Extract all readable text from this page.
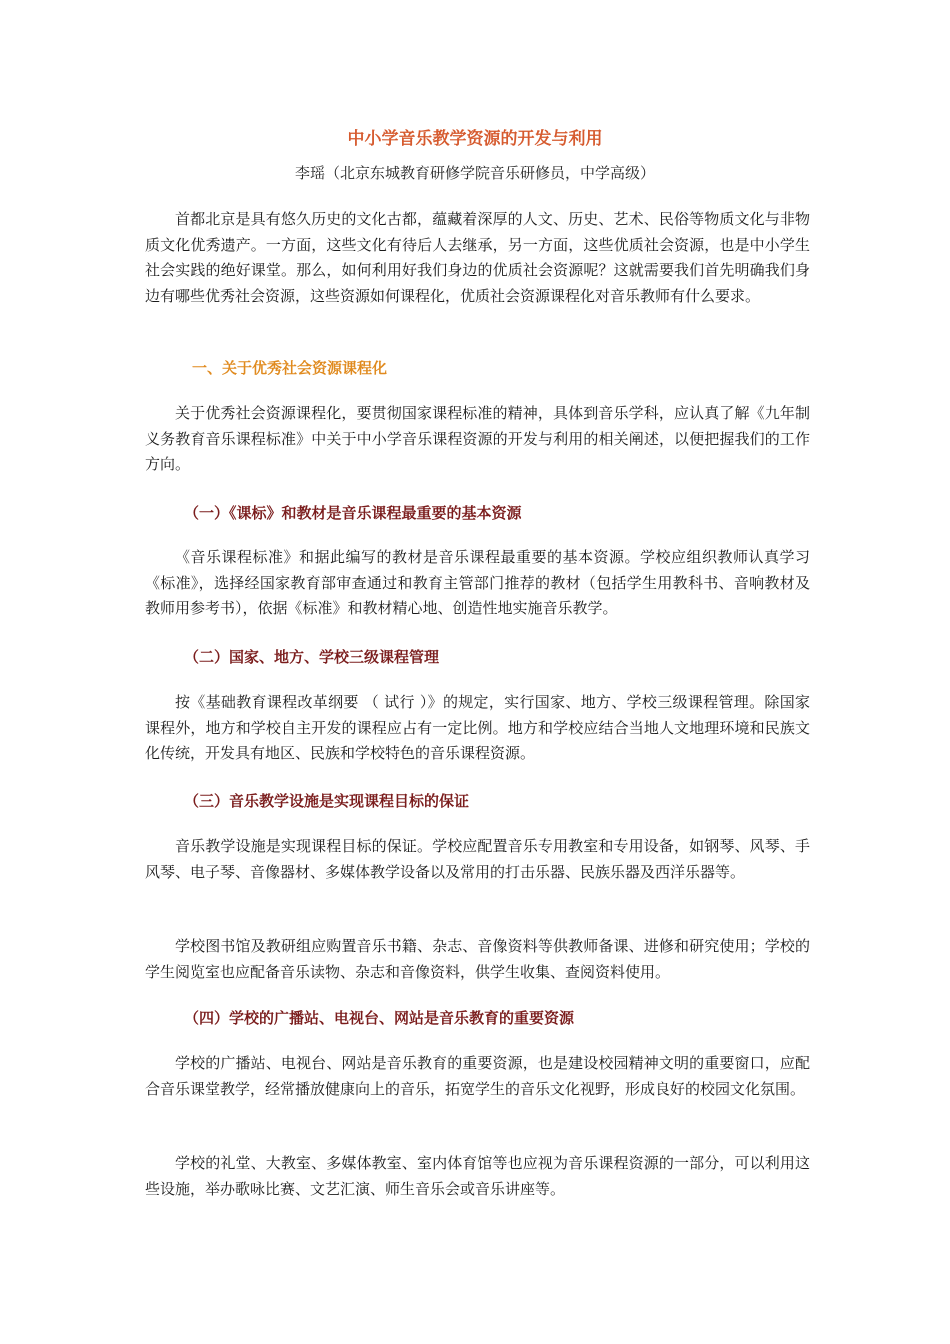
中小学音乐教学资源的开发与利用
李瑶（北京东城教育研修学院音乐研修员，中学高级）

首都北京是具有悠久历史的文化古都，蕴藏着深厚的人文、历史、艺术、民俗等物质文化与非物质文化优秀遗产。一方面，这些文化有待后人去继承，另一方面，这些优质社会资源，也是中小学生社会实践的绝好课堂。那么，如何利用好我们身边的优质社会资源呢？这就需要我们首先明确我们身边有哪些优秀社会资源，这些资源如何课程化，优质社会资源课程化对音乐教师有什么要求。

一、关于优秀社会资源课程化

关于优秀社会资源课程化，要贯彻国家课程标准的精神，具体到音乐学科，应认真了解《九年制义务教育音乐课程标准》中关于中小学音乐课程资源的开发与利用的相关阐述，以便把握我们的工作方向。

（一）《课标》和教材是音乐课程最重要的基本资源

《音乐课程标准》和据此编写的教材是音乐课程最重要的基本资源。学校应组织教师认真学习《标准》，选择经国家教育部审查通过和教育主管部门推荐的教材（包括学生用教科书、音响教材及教师用参考书），依据《标准》和教材精心地、创造性地实施音乐教学。

（二）国家、地方、学校三级课程管理

按《基础教育课程改革纲要 （ 试行 ）》的规定，实行国家、地方、学校三级课程管理。除国家课程外，地方和学校自主开发的课程应占有一定比例。地方和学校应结合当地人文地理环境和民族文化传统，开发具有地区、民族和学校特色的音乐课程资源。

（三）音乐教学设施是实现课程目标的保证

音乐教学设施是实现课程目标的保证。学校应配置音乐专用教室和专用设备，如钢琴、风琴、手风琴、电子琴、音像器材、多媒体教学设备以及常用的打击乐器、民族乐器及西洋乐器等。

学校图书馆及教研组应购置音乐书籍、杂志、音像资料等供教师备课、进修和研究使用；学校的学生阅览室也应配备音乐读物、杂志和音像资料，供学生收集、查阅资料使用。

（四）学校的广播站、电视台、网站是音乐教育的重要资源

学校的广播站、电视台、网站是音乐教育的重要资源，也是建设校园精神文明的重要窗口，应配合音乐课堂教学，经常播放健康向上的音乐，拓宽学生的音乐文化视野，形成良好的校园文化氛围。

学校的礼堂、大教室、多媒体教室、室内体育馆等也应视为音乐课程资源的一部分，可以利用这些设施，举办歌咏比赛、文艺汇演、师生音乐会或音乐讲座等。
